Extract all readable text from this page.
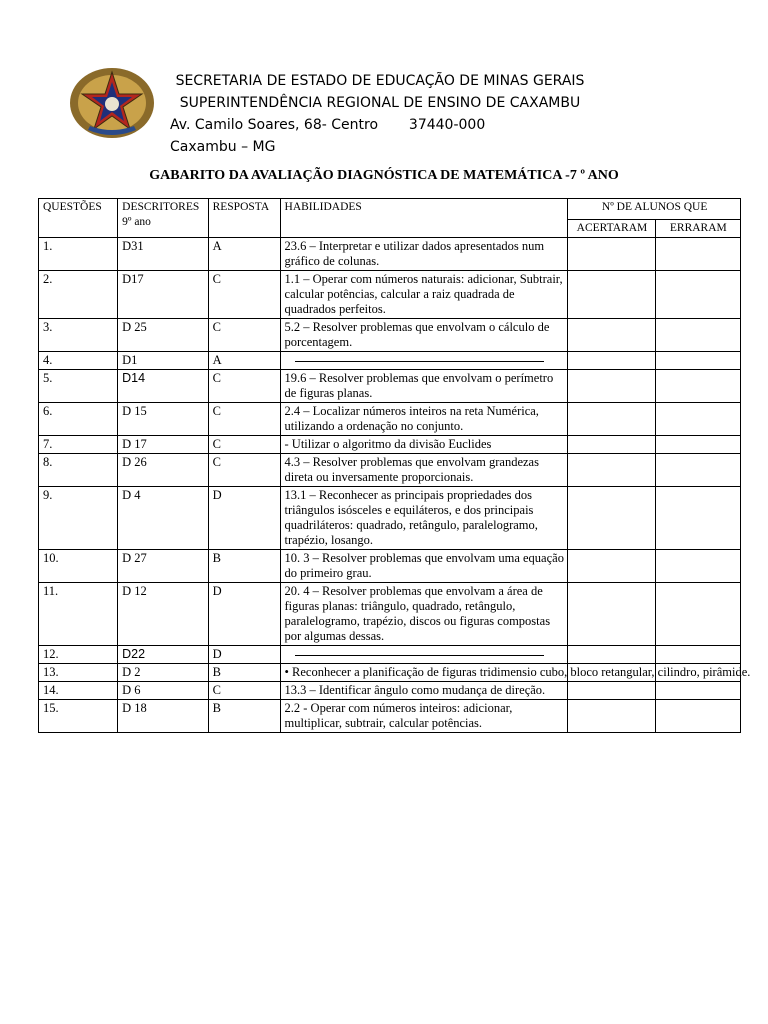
SECRETARIA DE ESTADO DE EDUCAÇÃO DE MINAS GERAIS
SUPERINTENDÊNCIA REGIONAL DE ENSINO DE CAXAMBU
Av. Camilo Soares, 68- Centro 37440-000  Caxambu – MG
GABARITO DA AVALIAÇÃO DIAGNÓSTICA DE MATEMÁTICA -7 º ANO
QUESTÕES	DESCRITORES 9º ano	RESPOSTA	HABILIDADES	Nº DE ALUNOS QUE	
				ACERTARAM	ERRARAM
1.	D31	A	23.6 – Interpretar e utilizar dados apresentados num gráfico de colunas.		
2.	D17	C	1.1 – Operar com números naturais: adicionar, Subtrair, calcular potências, calcular a raiz quadrada de quadrados perfeitos.		
3.	D 25	C	5.2 – Resolver problemas que envolvam o cálculo de porcentagem.		
4.	D1	A	

5.	D14	C	19.6 – Resolver problemas que envolvam o perímetro de figuras planas.		
6.	D 15	C	2.4 – Localizar números inteiros na reta Numérica, utilizando a ordenação no conjunto.		
7.	D 17	C	- Utilizar o algoritmo da divisão Euclides		
8.	D 26	C	4.3 – Resolver problemas que envolvam grandezas direta ou inversamente proporcionais.		
9.	D 4	D	13.1 – Reconhecer as principais propriedades dos triângulos isósceles e equiláteros, e dos principais quadriláteros: quadrado, retângulo, paralelogramo, trapézio, losango.		
10.	D 27	B	10. 3 – Resolver problemas que envolvam uma equação do primeiro grau.		
11.	D 12	D	20. 4 – Resolver problemas que envolvam a área de figuras planas: triângulo, quadrado, retângulo, paralelogramo, trapézio, discos ou figuras compostas por algumas dessas.		
12.	D22	D	

13.	D 2	B	• Reconhecer a planificação de figuras tridimensio cubo, bloco retangular, cilindro, pirâmide.		
14.	D 6	C	13.3 – Identificar ângulo como mudança de direção.		
15.	D 18	B	2.2 - Operar com números inteiros: adicionar, multiplicar, subtrair, calcular potências.		
